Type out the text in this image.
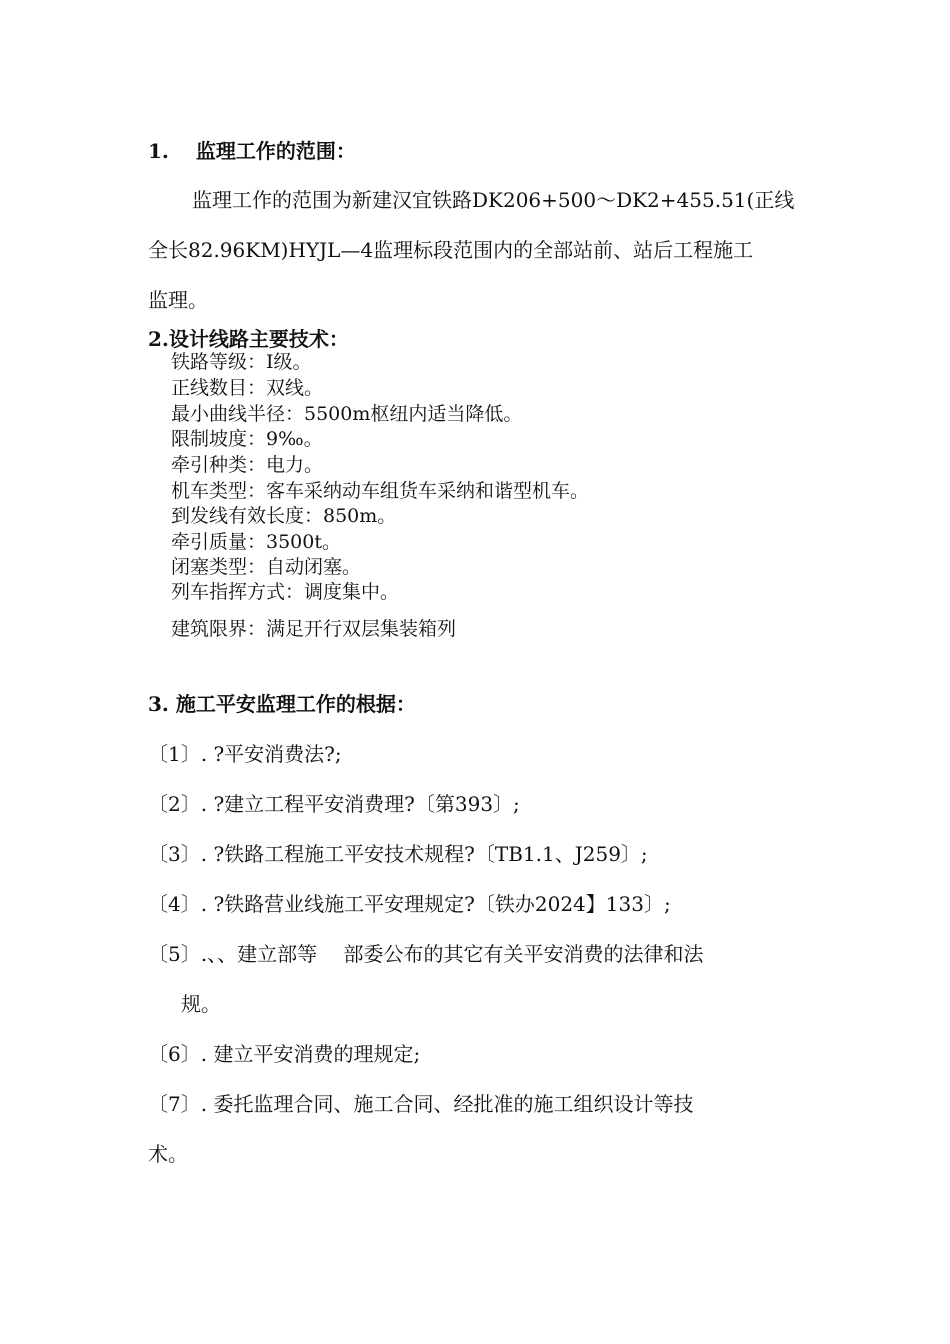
1.　 监理工作的范围：
监理工作的范围为新建汉宜铁路DK206+500～DK2+455.51(正线
全长82.96KM)HYJL—4监理标段范围内的全部站前、站后工程施工
监理。
2.设计线路主要技术：
铁路等级：Ⅰ级。
正线数目：双线。
最小曲线半径：5500m枢纽内适当降低。
限制坡度：9‰。
牵引种类：电力。
机车类型：客车采纳动车组货车采纳和谐型机车。
到发线有效长度：850m。
牵引质量：3500t。
闭塞类型：自动闭塞。
列车指挥方式：调度集中。
建筑限界：满足开行双层集装箱列
3. 施工平安监理工作的根据：
〔1〕. ?平安消费法?;
〔2〕. ?建立工程平安消费理?〔第393〕;
〔3〕. ?铁路工程施工平安技术规程?〔TB1.1、J259〕;
〔4〕. ?铁路营业线施工平安理规定?〔铁办2024】133〕;
〔5〕.、、建立部等　 部委公布的其它有关平安消费的法律和法
规。
〔6〕. 建立平安消费的理规定;
〔7〕. 委托监理合同、施工合同、经批准的施工组织设计等技
术。
